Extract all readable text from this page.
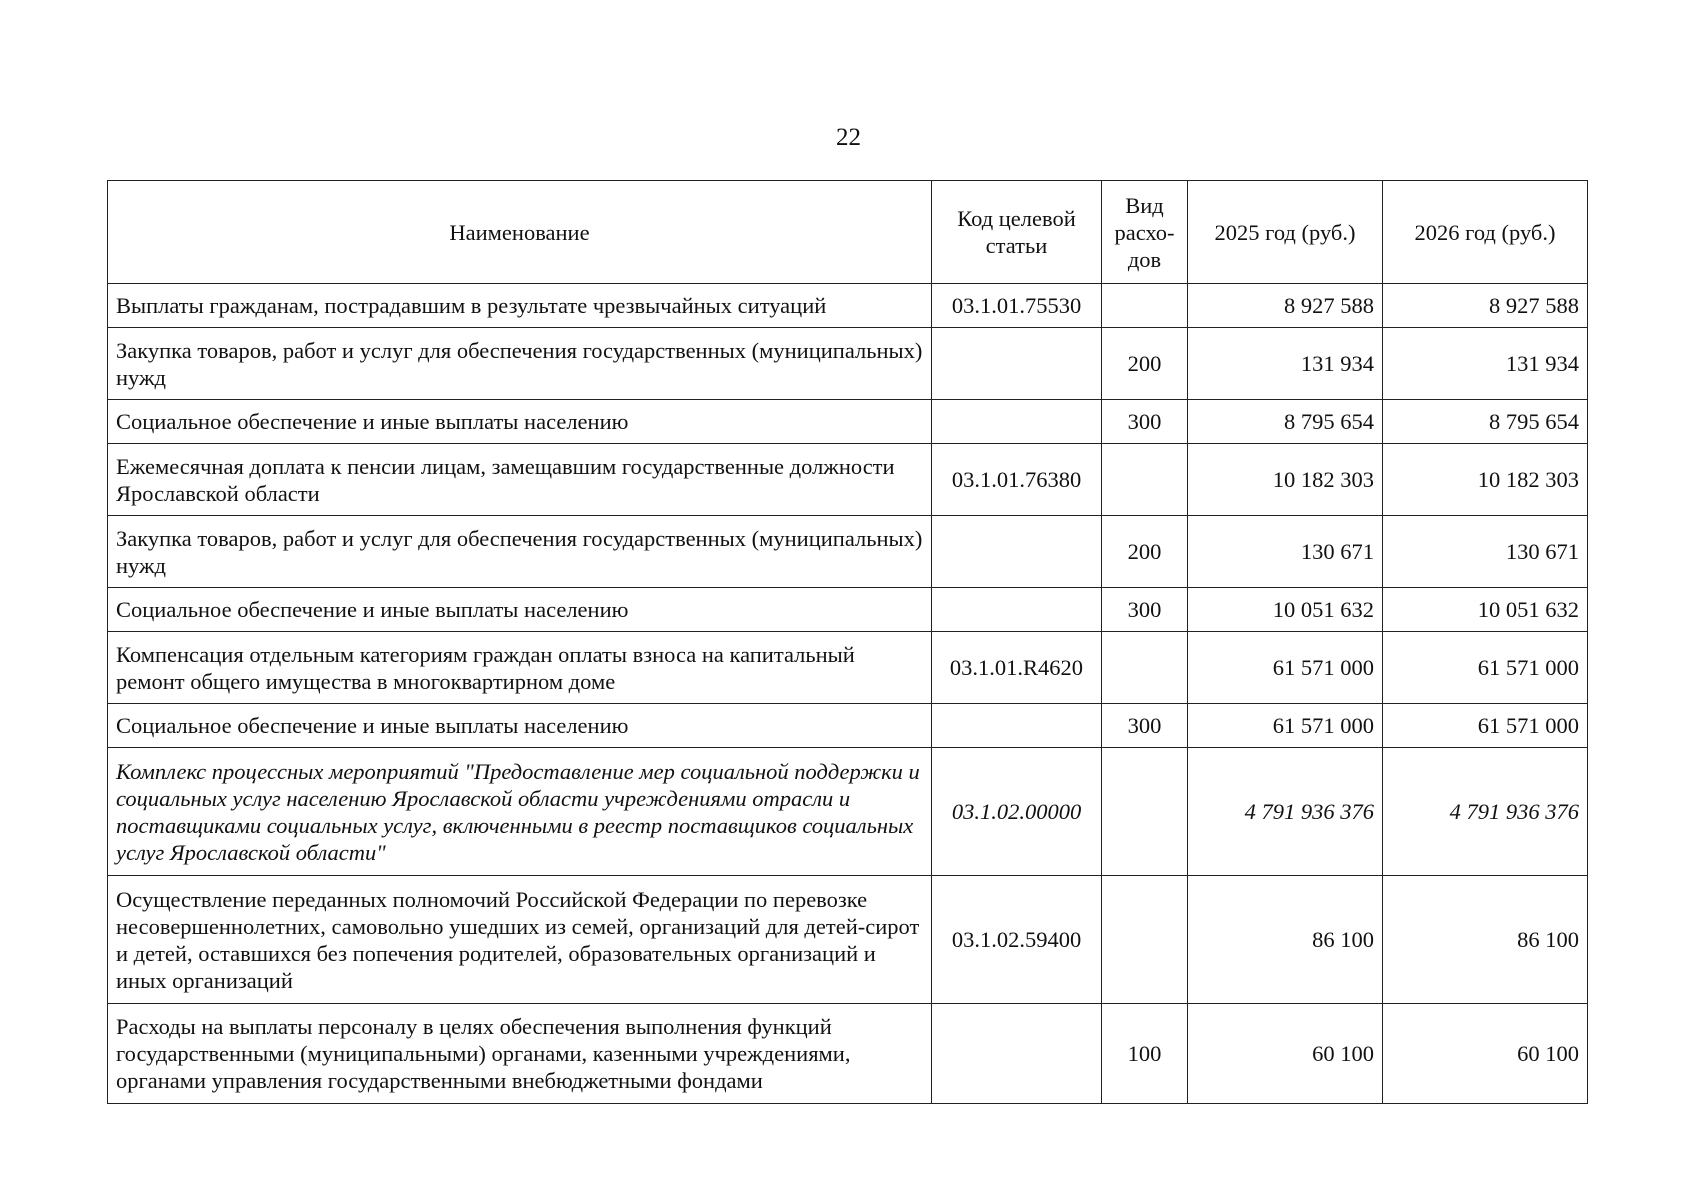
22
Наименование	Код целевой статьи	Вид расхо-дов	2025 год (руб.)	2026 год (руб.)
Выплаты гражданам, пострадавшим в результате чрезвычайных ситуаций	03.1.01.75530		8 927 588	8 927 588
Закупка товаров, работ и услуг для обеспечения государственных (муниципальных) нужд		200	131 934	131 934
Социальное обеспечение и иные выплаты населению		300	8 795 654	8 795 654
Ежемесячная доплата к пенсии лицам, замещавшим государственные должности Ярославской области	03.1.01.76380		10 182 303	10 182 303
Закупка товаров, работ и услуг для обеспечения государственных (муниципальных) нужд		200	130 671	130 671
Социальное обеспечение и иные выплаты населению		300	10 051 632	10 051 632
Компенсация отдельным категориям граждан оплаты взноса на капитальный ремонт общего имущества в многоквартирном доме	03.1.01.R4620		61 571 000	61 571 000
Социальное обеспечение и иные выплаты населению		300	61 571 000	61 571 000
Комплекс процессных мероприятий "Предоставление мер социальной поддержки и социальных услуг населению Ярославской области учреждениями отрасли и поставщиками социальных услуг, включенными в реестр поставщиков социальных услуг Ярославской области"	03.1.02.00000		4 791 936 376	4 791 936 376
Осуществление переданных полномочий Российской Федерации по перевозке несовершеннолетних, самовольно ушедших из семей, организаций для детей-сирот и детей, оставшихся без попечения родителей, образовательных организаций и иных организаций	03.1.02.59400		86 100	86 100
Расходы на выплаты персоналу в целях обеспечения выполнения функций государственными (муниципальными) органами, казенными учреждениями, органами управления государственными внебюджетными фондами		100	60 100	60 100
